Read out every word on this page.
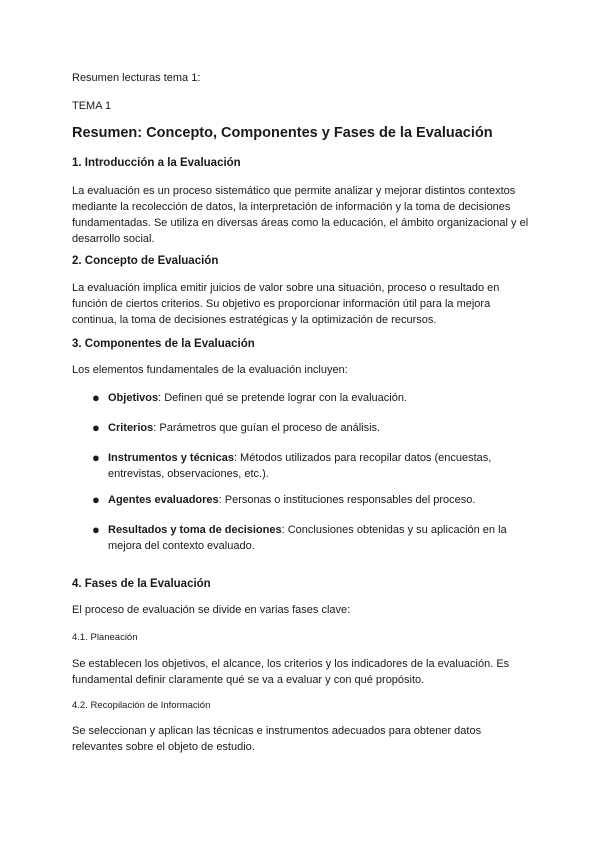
Resumen lecturas tema 1:
TEMA 1
Resumen: Concepto, Componentes y Fases de la Evaluación
1. Introducción a la Evaluación
La evaluación es un proceso sistemático que permite analizar y mejorar distintos contextos mediante la recolección de datos, la interpretación de información y la toma de decisiones fundamentadas. Se utiliza en diversas áreas como la educación, el ámbito organizacional y el desarrollo social.
2. Concepto de Evaluación
La evaluación implica emitir juicios de valor sobre una situación, proceso o resultado en función de ciertos criterios. Su objetivo es proporcionar información útil para la mejora continua, la toma de decisiones estratégicas y la optimización de recursos.
3. Componentes de la Evaluación
Los elementos fundamentales de la evaluación incluyen:
● Objetivos: Definen qué se pretende lograr con la evaluación.
● Criterios: Parámetros que guían el proceso de análisis.
● Instrumentos y técnicas: Métodos utilizados para recopilar datos (encuestas, entrevistas, observaciones, etc.).
● Agentes evaluadores: Personas o instituciones responsables del proceso.
● Resultados y toma de decisiones: Conclusiones obtenidas y su aplicación en la mejora del contexto evaluado.
4. Fases de la Evaluación
El proceso de evaluación se divide en varias fases clave:
4.1. Planeación
Se establecen los objetivos, el alcance, los criterios y los indicadores de la evaluación. Es fundamental definir claramente qué se va a evaluar y con qué propósito.
4.2. Recopilación de Información
Se seleccionan y aplican las técnicas e instrumentos adecuados para obtener datos relevantes sobre el objeto de estudio.
